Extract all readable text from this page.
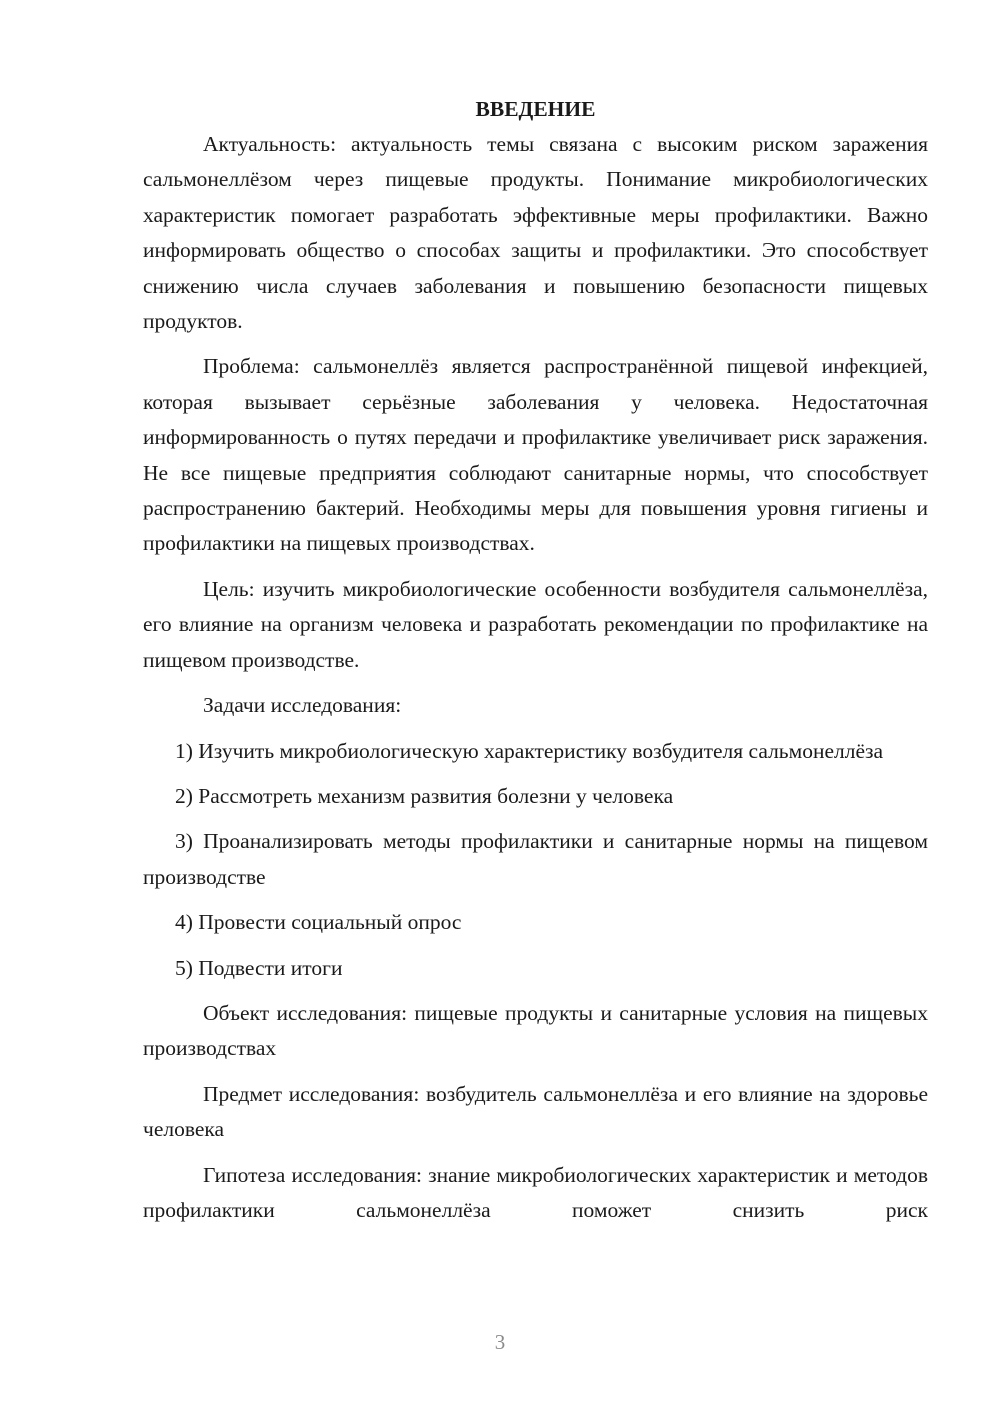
ВВЕДЕНИЕ

Актуальность: актуальность темы связана с высоким риском заражения сальмонеллёзом через пищевые продукты. Понимание микробиологических характеристик помогает разработать эффективные меры профилактики. Важно информировать общество о способах защиты и профилактики. Это способствует снижению числа случаев заболевания и повышению безопасности пищевых продуктов.

Проблема: сальмонеллёз является распространённой пищевой инфекцией, которая вызывает серьёзные заболевания у человека. Недостаточная информированность о путях передачи и профилактике увеличивает риск заражения. Не все пищевые предприятия соблюдают санитарные нормы, что способствует распространению бактерий. Необходимы меры для повышения уровня гигиены и профилактики на пищевых производствах.

Цель: изучить микробиологические особенности возбудителя сальмонеллёза, его влияние на организм человека и разработать рекомендации по профилактике на пищевом производстве.

Задачи исследования:

1) Изучить микробиологическую характеристику возбудителя сальмонеллёза

2) Рассмотреть механизм развития болезни у человека

3) Проанализировать методы профилактики и санитарные нормы на пищевом производстве

4) Провести социальный опрос

5) Подвести итоги

Объект исследования: пищевые продукты и санитарные условия на пищевых производствах

Предмет исследования: возбудитель сальмонеллёза и его влияние на здоровье человека

Гипотеза исследования: знание микробиологических характеристик и методов профилактики сальмонеллёза поможет снизить риск

3
